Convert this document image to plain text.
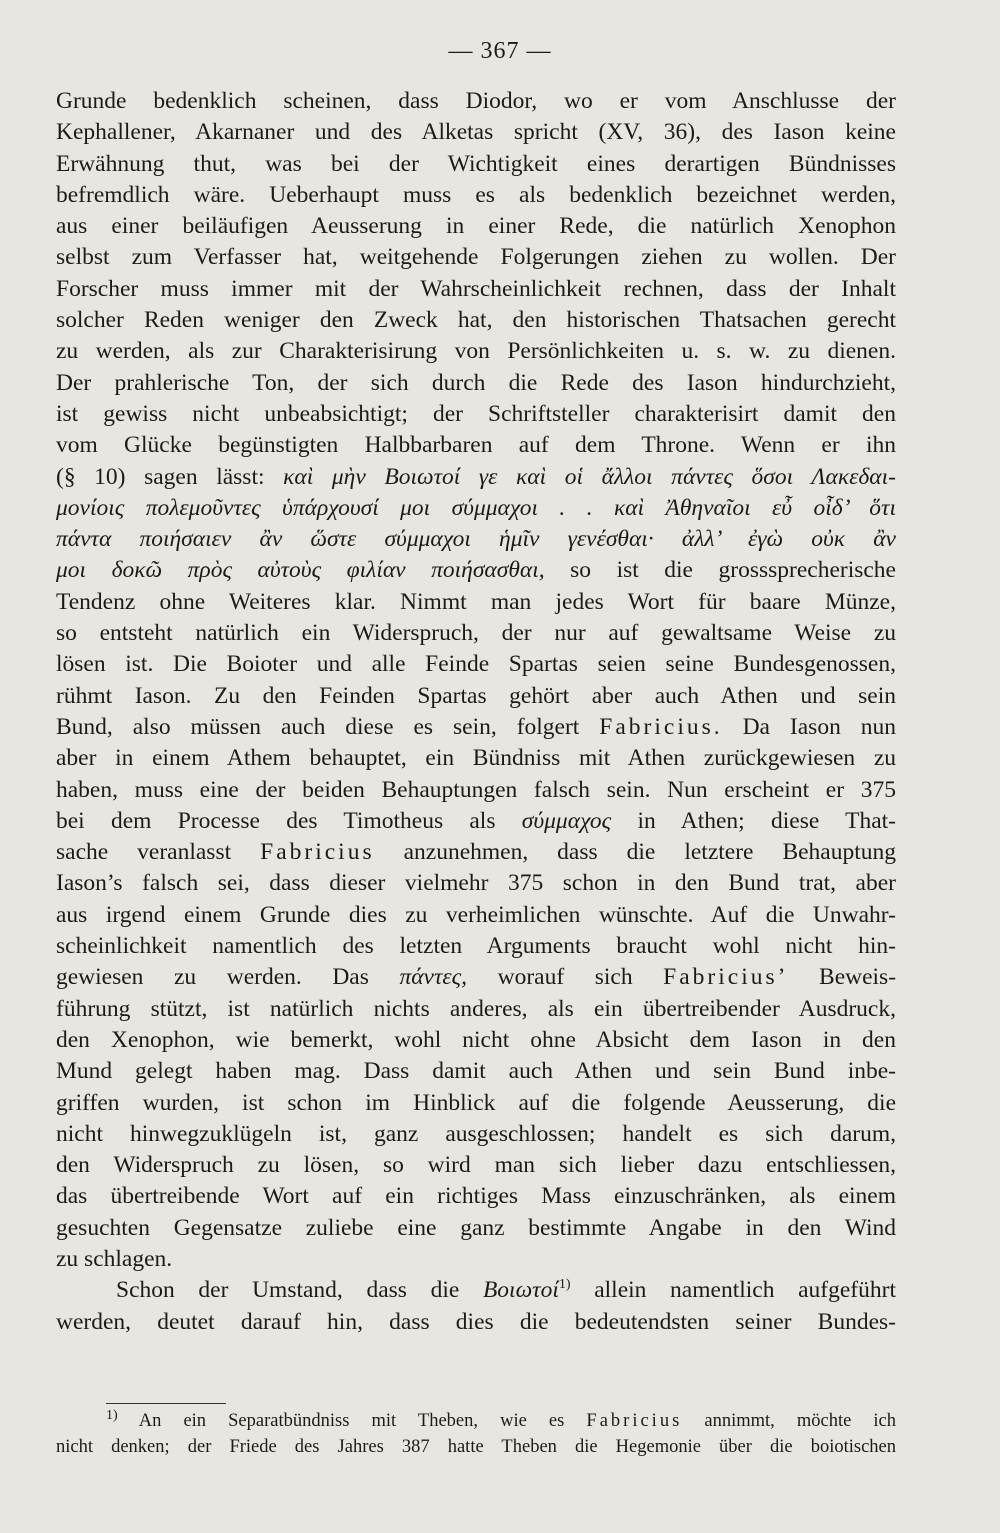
— 367 —
Grunde bedenklich scheinen, dass Diodor, wo er vom Anschlusse der
Kephallener, Akarnaner und des Alketas spricht (XV, 36), des Iason keine
Erwähnung thut, was bei der Wichtigkeit eines derartigen Bündnisses
befremdlich wäre. Ueberhaupt muss es als bedenklich bezeichnet werden,
aus einer beiläufigen Aeusserung in einer Rede, die natürlich Xenophon
selbst zum Verfasser hat, weitgehende Folgerungen ziehen zu wollen. Der
Forscher muss immer mit der Wahrscheinlichkeit rechnen, dass der Inhalt
solcher Reden weniger den Zweck hat, den historischen Thatsachen gerecht
zu werden, als zur Charakterisirung von Persönlichkeiten u. s. w. zu dienen.
Der prahlerische Ton, der sich durch die Rede des Iason hindurchzieht,
ist gewiss nicht unbeabsichtigt; der Schriftsteller charakterisirt damit den
vom Glücke begünstigten Halbbarbaren auf dem Throne. Wenn er ihn
(§ 10) sagen lässt: καὶ μὴν Βοιωτοί γε καὶ οἱ ἄλλοι πάντες ὅσοι Λακεδαι-
μονίοις πολεμοῦντες ὑπάρχουσί μοι σύμμαχοι . . καὶ Ἀθηναῖοι εὖ οἶδ’ ὅτι
πάντα ποιήσαιεν ἂν ὥστε σύμμαχοι ἡμῖν γενέσθαι· ἀλλ’ ἐγὼ οὐκ ἂν
μοι δοκῶ πρὸς αὐτοὺς φιλίαν ποιήσασθαι, so ist die grosssprecherische
Tendenz ohne Weiteres klar. Nimmt man jedes Wort für baare Münze,
so entsteht natürlich ein Widerspruch, der nur auf gewaltsame Weise zu
lösen ist. Die Boioter und alle Feinde Spartas seien seine Bundesgenossen,
rühmt Iason. Zu den Feinden Spartas gehört aber auch Athen und sein
Bund, also müssen auch diese es sein, folgert Fabricius. Da Iason nun
aber in einem Athem behauptet, ein Bündniss mit Athen zurückgewiesen zu
haben, muss eine der beiden Behauptungen falsch sein. Nun erscheint er 375
bei dem Processe des Timotheus als σύμμαχος in Athen; diese That-
sache veranlasst Fabricius anzunehmen, dass die letztere Behauptung
Iason’s falsch sei, dass dieser vielmehr 375 schon in den Bund trat, aber
aus irgend einem Grunde dies zu verheimlichen wünschte. Auf die Unwahr-
scheinlichkeit namentlich des letzten Arguments braucht wohl nicht hin-
gewiesen zu werden. Das πάντες, worauf sich Fabricius’ Beweis-
führung stützt, ist natürlich nichts anderes, als ein übertreibender Ausdruck,
den Xenophon, wie bemerkt, wohl nicht ohne Absicht dem Iason in den
Mund gelegt haben mag. Dass damit auch Athen und sein Bund inbe-
griffen wurden, ist schon im Hinblick auf die folgende Aeusserung, die
nicht hinwegzuklügeln ist, ganz ausgeschlossen; handelt es sich darum,
den Widerspruch zu lösen, so wird man sich lieber dazu entschliessen,
das übertreibende Wort auf ein richtiges Mass einzuschränken, als einem
gesuchten Gegensatze zuliebe eine ganz bestimmte Angabe in den Wind
zu schlagen.
Schon der Umstand, dass die Βοιωτοί$^{1)}$ allein namentlich aufgeführt
werden, deutet darauf hin, dass dies die bedeutendsten seiner Bundes-
$^{1)}$ An ein Separatbündniss mit Theben, wie es Fabricius annimmt, möchte ich
nicht denken; der Friede des Jahres 387 hatte Theben die Hegemonie über die boiotischen
